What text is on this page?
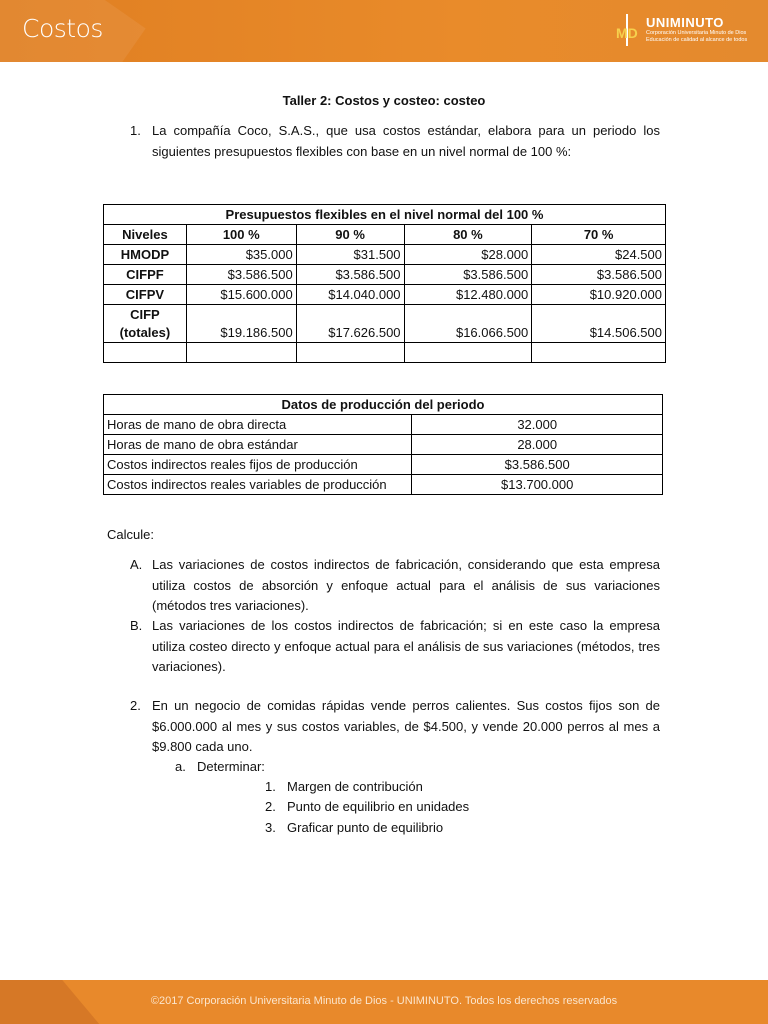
Costos	MD
UNIMINUTO
Corporación Universitaria Minuto de Dios
Educación de calidad al alcance de todos
Taller 2: Costos y costeo: costeo
1. La compañía Coco, S.A.S., que usa costos estándar, elabora para un periodo los siguientes presupuestos flexibles con base en un nivel normal de 100 %:
Presupuestos flexibles en el nivel normal del 100 %				
Niveles	100 %	90 %	80 %	70 %
HMODP	$35.000	$31.500	$28.000	$24.500
CIFPF	$3.586.500	$3.586.500	$3.586.500	$3.586.500
CIFPV	$15.600.000	$14.040.000	$12.480.000	$10.920.000

CIFP
(totales)	$19.186.500	$17.626.500	$16.066.500	$14.506.500

Datos de producción del periodo	
Horas de mano de obra directa	32.000
Horas de mano de obra estándar	28.000
Costos indirectos reales fijos de producción	$3.586.500
Costos indirectos reales variables de producción	$13.700.000
Calcule:
A. Las variaciones de costos indirectos de fabricación, considerando que esta empresa utiliza costos de absorción y enfoque actual para el análisis de sus variaciones (métodos tres variaciones).
B. Las variaciones de los costos indirectos de fabricación; si en este caso la empresa utiliza costeo directo y enfoque actual para el análisis de sus variaciones (métodos, tres variaciones).
2. En un negocio de comidas rápidas vende perros calientes. Sus costos fijos son de $6.000.000 al mes y sus costos variables, de $4.500, y vende 20.000 perros al mes a $9.800 cada uno.
a. Determinar:
1. Margen de contribución
2. Punto de equilibrio en unidades
3. Graficar punto de equilibrio
©2017 Corporación Universitaria Minuto de Dios - UNIMINUTO. Todos los derechos reservados
